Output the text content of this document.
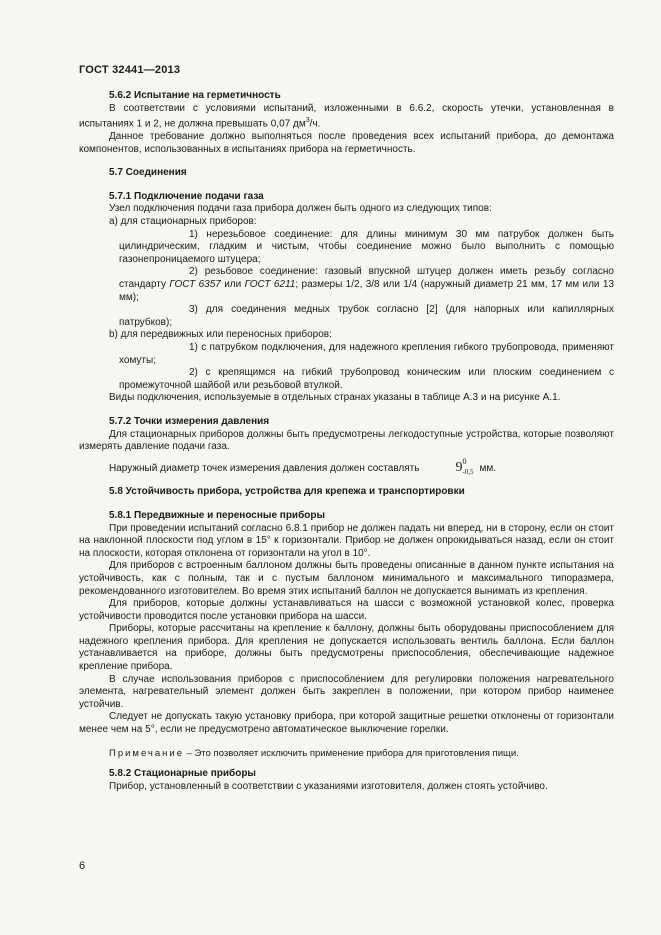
ГОСТ 32441—2013

5.6.2 Испытание на герметичность

В соответствии с условиями испытаний, изложенными в 6.6.2, скорость утечки, установленная в испытаниях 1 и 2, не должна превышать 0,07 $дм^3/ч$.

Данное требование должно выполняться после проведения всех испытаний прибора, до демонтажа компонентов, использованных в испытаниях прибора на герметичность.

5.7 Соединения

5.7.1 Подключение подачи газа

Узел подключения подачи газа прибора должен быть одного из следующих типов:

а) для стационарных приборов:

1) нерезьбовое соединение: для длины минимум 30 мм патрубок должен быть цилиндрическим, гладким и чистым, чтобы соединение можно было выполнить с помощью газонепроницаемого штуцера;

2) резьбовое соединение: газовый впускной штуцер должен иметь резьбу согласно стандарту ГОСТ 6357 или ГОСТ 6211; размеры 1/2, 3/8 или 1/4 (наружный диаметр 21 мм, 17 мм или 13 мм);

3) для соединения медных трубок согласно [2] (для напорных или капиллярных патрубков);

b) для передвижных или переносных приборов:

1) с патрубком подключения, для надежного крепления гибкого трубопровода, применяют хомуты;

2) с крепящимся на гибкий трубопровод коническим или плоским соединением с промежуточной шайбой или резьбовой втулкой.

Виды подключения, используемые в отдельных странах указаны в таблице А.3 и на рисунке А.1.

5.7.2 Точки измерения давления

Для стационарных приборов должны быть предусмотрены легкодоступные устройства, которые позволяют измерять давление подачи газа.

Наружный диаметр точек измерения давления должен составлять	$9^0_{-0,5}$ мм.

5.8 Устойчивость прибора, устройства для крепежа и транспортировки

5.8.1 Передвижные и переносные приборы

При проведении испытаний согласно 6.8.1 прибор не должен падать ни вперед, ни в сторону, если он стоит на наклонной плоскости под углом в 15° к горизонтали. Прибор не должен опрокидываться назад, если он стоит на плоскости, которая отклонена от горизонтали на угол в 10°.

Для приборов с встроенным баллоном должны быть проведены описанные в данном пункте испытания на устойчивость, как с полным, так и с пустым баллоном минимального и максимального типоразмера, рекомендованного изготовителем. Во время этих испытаний баллон не допускается вынимать из крепления.

Для приборов, которые должны устанавливаться на шасси с возможной установкой колес, проверка устойчивости проводится после установки прибора на шасси.

Приборы, которые рассчитаны на крепление к баллону, должны быть оборудованы приспособлением для надежного крепления прибора. Для крепления не допускается использовать вентиль баллона. Если баллон устанавливается на приборе, должны быть предусмотрены приспособления, обеспечивающие надежное крепление прибора.

В случае использования приборов с приспособлением для регулировки положения нагревательного элемента, нагревательный элемент должен быть закреплен в положении, при котором прибор наименее устойчив.

Следует не допускать такую установку прибора, при которой защитные решетки отклонены от горизонтали менее чем на 5°, если не предусмотрено автоматическое выключение горелки.

Примечание – Это позволяет исключить применение прибора для приготовления пищи.

5.8.2 Стационарные приборы

Прибор, установленный в соответствии с указаниями изготовителя, должен стоять устойчиво.

6
